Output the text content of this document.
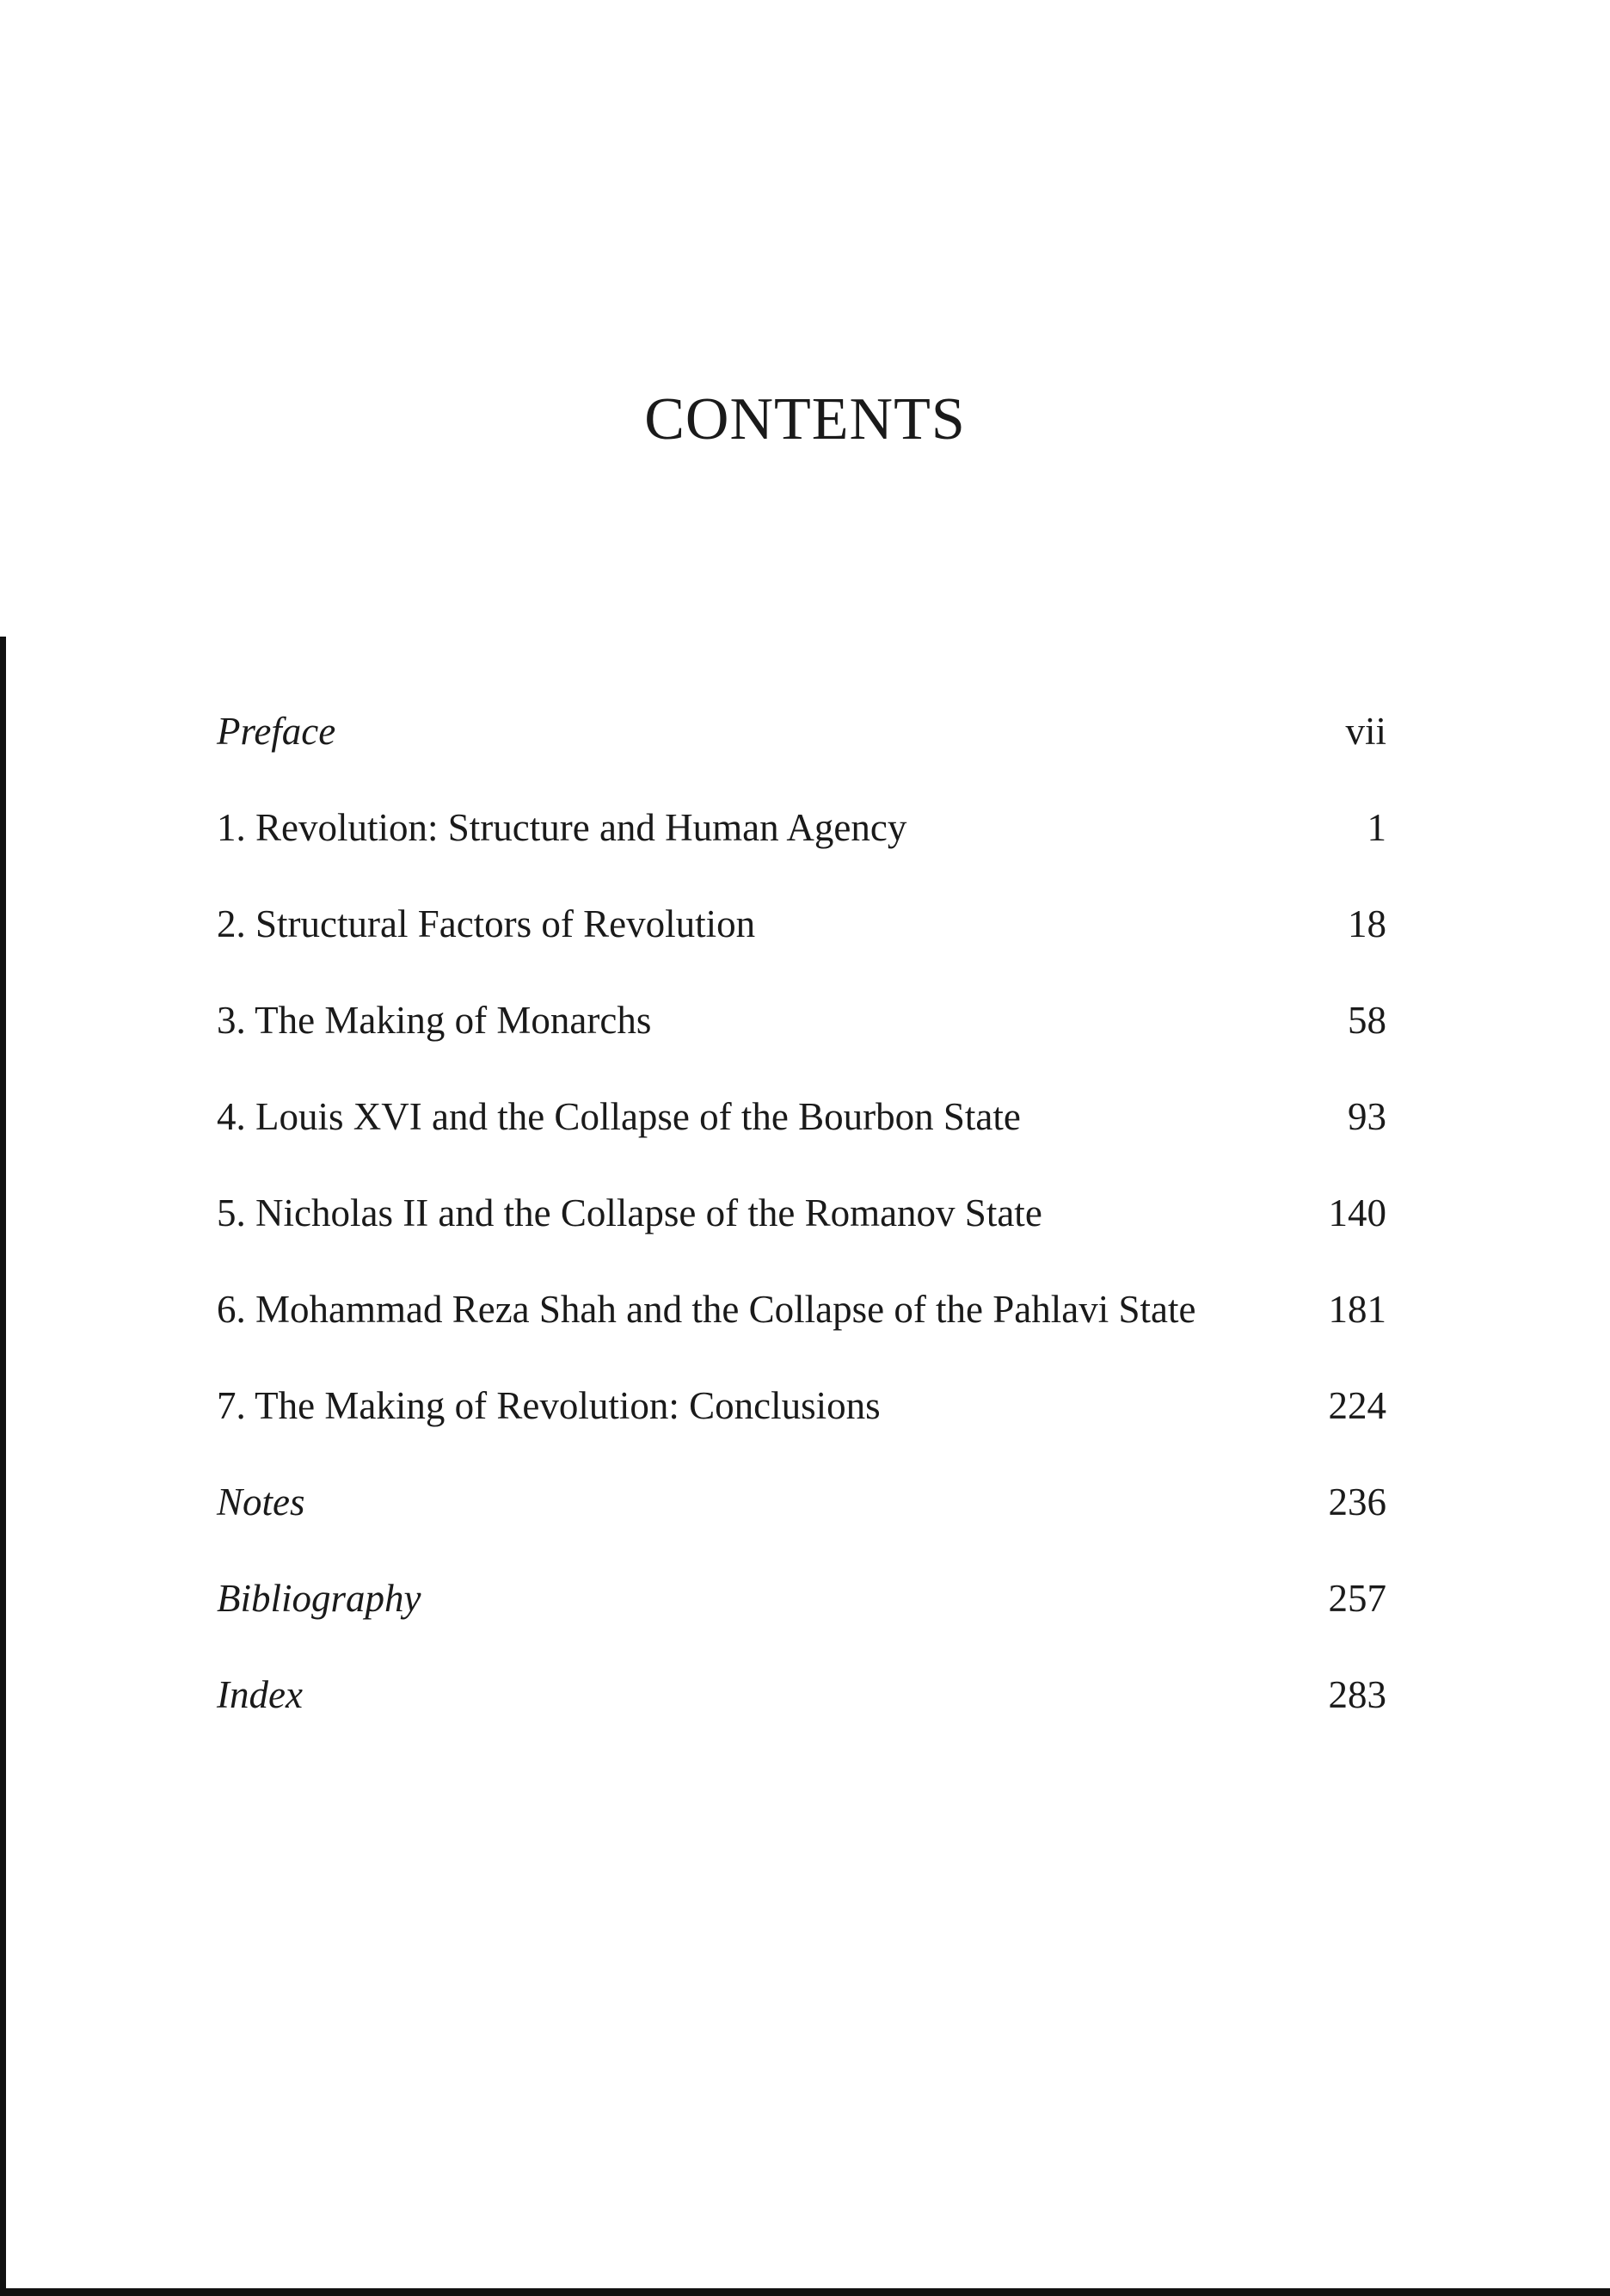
CONTENTS
Preface	vii
1. Revolution: Structure and Human Agency	1
2. Structural Factors of Revolution	18
3. The Making of Monarchs	58
4. Louis XVI and the Collapse of the Bourbon State	93
5. Nicholas II and the Collapse of the Romanov State	140
6. Mohammad Reza Shah and the Collapse of the Pahlavi State	181
7. The Making of Revolution: Conclusions	224
Notes	236
Bibliography	257
Index	283
